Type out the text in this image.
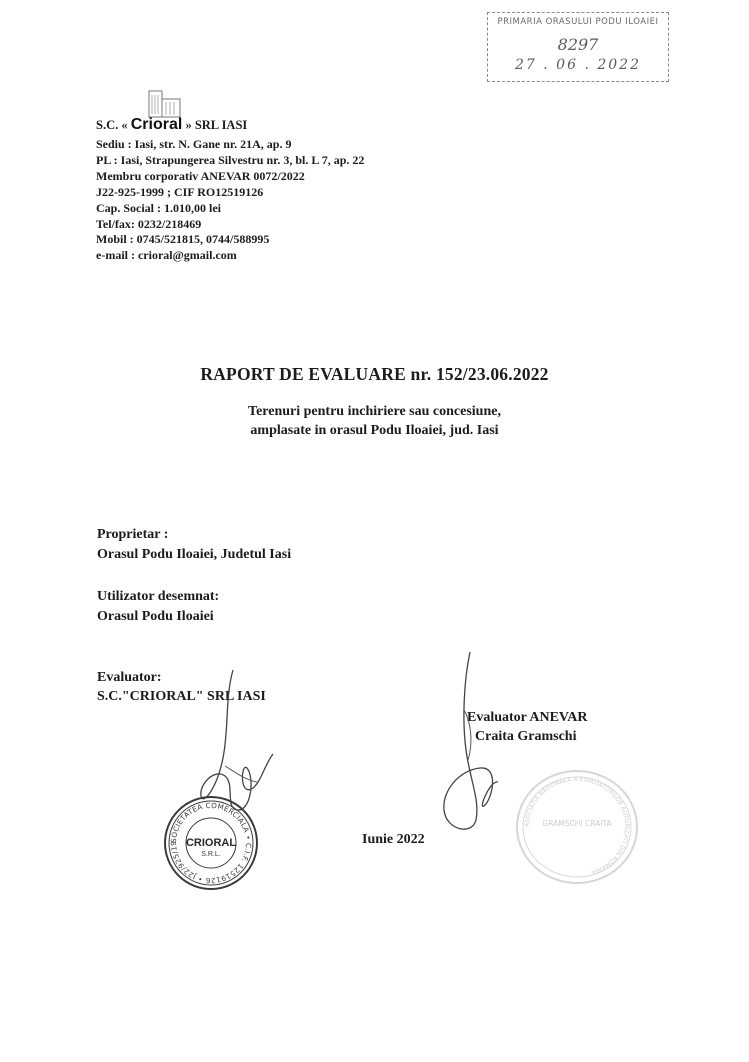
PRIMARIA ORASULUI PODU ILOAIEI
8297
27 . 06 . 2022
S.C. « Crioral » SRL IASI
Sediu : Iasi, str. N. Gane nr. 21A, ap. 9
PL : Iasi, Strapungerea Silvestru nr. 3, bl. L 7, ap. 22
Membru corporativ ANEVAR 0072/2022
J22-925-1999 ; CIF RO12519126
Cap. Social : 1.010,00 lei
Tel/fax: 0232/218469
Mobil : 0745/521815, 0744/588995
e-mail : crioral@gmail.com
RAPORT DE EVALUARE nr. 152/23.06.2022
Terenuri pentru inchiriere sau concesiune,
amplasate in orasul Podu Iloaiei, jud. Iasi
Proprietar :
Orasul Podu Iloaiei, Judetul Iasi
Utilizator desemnat:
Orasul Podu Iloaiei
Evaluator:
S.C."CRIORAL" SRL IASI
Evaluator ANEVAR
Craita Gramschi
SOCIETATEA COMERCIALA • C.I.F. 12519126 • J22/925/1999 • IASI - ROMANIA
CRIORAL
S.R.L.
ASOCIATIA NATIONALA A EVALUATORILOR AUTORIZATI DIN ROMANIA
GRAMSCHI CRAITA
Iunie 2022
